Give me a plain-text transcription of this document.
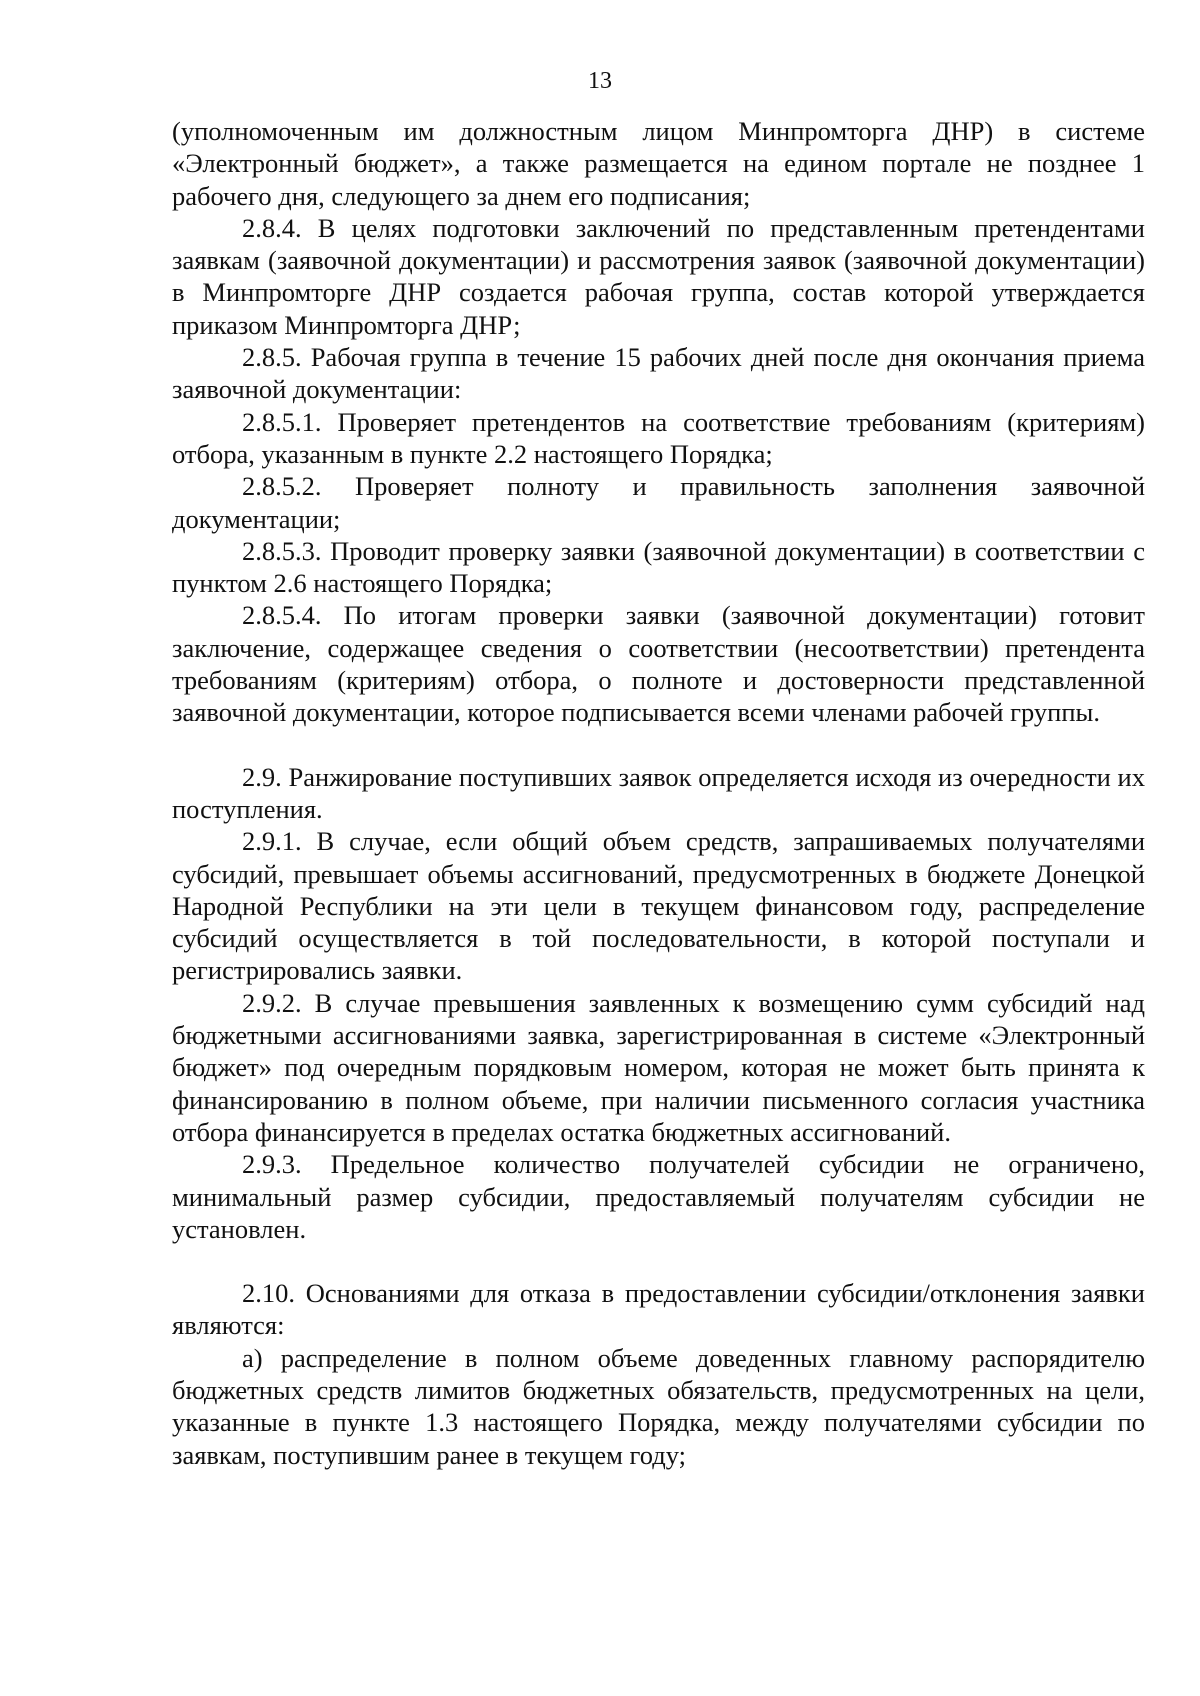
13

(уполномоченным им должностным лицом Минпромторга ДНР) в системе «Электронный бюджет», а также размещается на едином портале не позднее 1 рабочего дня, следующего за днем его подписания;

2.8.4. В целях подготовки заключений по представленным претендентами заявкам (заявочной документации) и рассмотрения заявок (заявочной документации) в Минпромторге ДНР создается рабочая группа, состав которой утверждается приказом Минпромторга ДНР;

2.8.5. Рабочая группа в течение 15 рабочих дней после дня окончания приема заявочной документации:

2.8.5.1. Проверяет претендентов на соответствие требованиям (критериям) отбора, указанным в пункте 2.2 настоящего Порядка;

2.8.5.2. Проверяет полноту и правильность заполнения заявочной документации;

2.8.5.3. Проводит проверку заявки (заявочной документации) в соответствии с пунктом 2.6 настоящего Порядка;

2.8.5.4. По итогам проверки заявки (заявочной документации) готовит заключение, содержащее сведения о соответствии (несоответствии) претендента требованиям (критериям) отбора, о полноте и достоверности представленной заявочной документации, которое подписывается всеми членами рабочей группы.

2.9. Ранжирование поступивших заявок определяется исходя из очередности их поступления.

2.9.1. В случае, если общий объем средств, запрашиваемых получателями субсидий, превышает объемы ассигнований, предусмотренных в бюджете Донецкой Народной Республики на эти цели в текущем финансовом году, распределение субсидий осуществляется в той последовательности, в которой поступали и регистрировались заявки.

2.9.2. В случае превышения заявленных к возмещению сумм субсидий над бюджетными ассигнованиями заявка, зарегистрированная в системе «Электронный бюджет» под очередным порядковым номером, которая не может быть принята к финансированию в полном объеме, при наличии письменного согласия участника отбора финансируется в пределах остатка бюджетных ассигнований.

2.9.3. Предельное количество получателей субсидии не ограничено, минимальный размер субсидии, предоставляемый получателям субсидии не установлен.

2.10. Основаниями для отказа в предоставлении субсидии/отклонения заявки являются:

а) распределение в полном объеме доведенных главному распорядителю бюджетных средств лимитов бюджетных обязательств, предусмотренных на цели, указанные в пункте 1.3 настоящего Порядка, между получателями субсидии по заявкам, поступившим ранее в текущем году;
